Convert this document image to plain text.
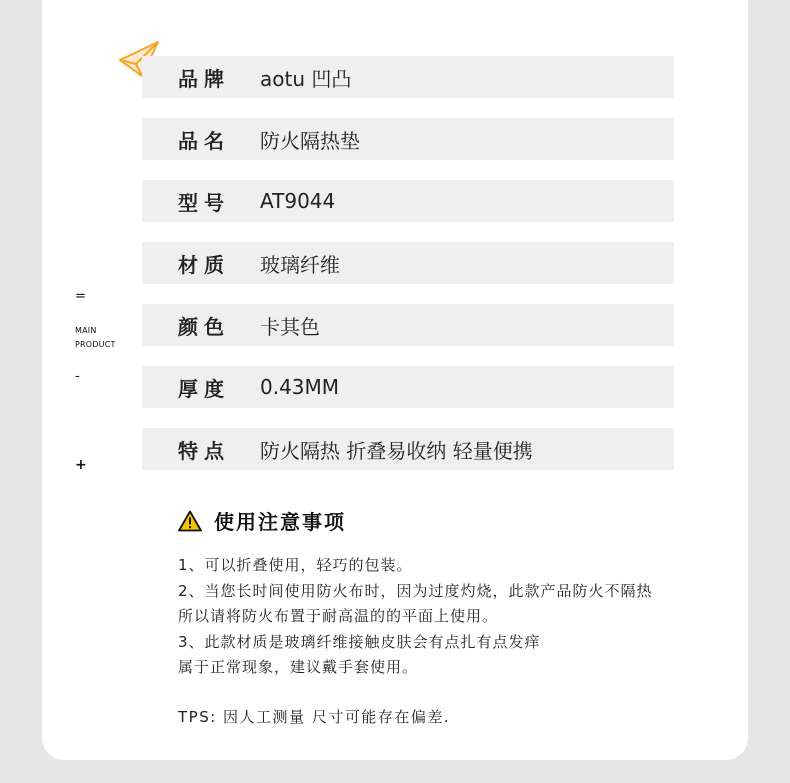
=
MAIN
PRODUCT
-
+
品牌	aotu 凹凸
品名	防火隔热垫
型号	AT9044
材质	玻璃纤维
颜色	卡其色
厚度	0.43MM
特点	防火隔热 折叠易收纳 轻量便携
使用注意事项
1、可以折叠使用，轻巧的包装。
2、当您长时间使用防火布时，因为过度灼烧，此款产品防火不隔热
所以请将防火布置于耐高温的的平面上使用。
3、此款材质是玻璃纤维接触皮肤会有点扎有点发痒
属于正常现象，建议戴手套使用。
TPS: 因人工测量 尺寸可能存在偏差.
